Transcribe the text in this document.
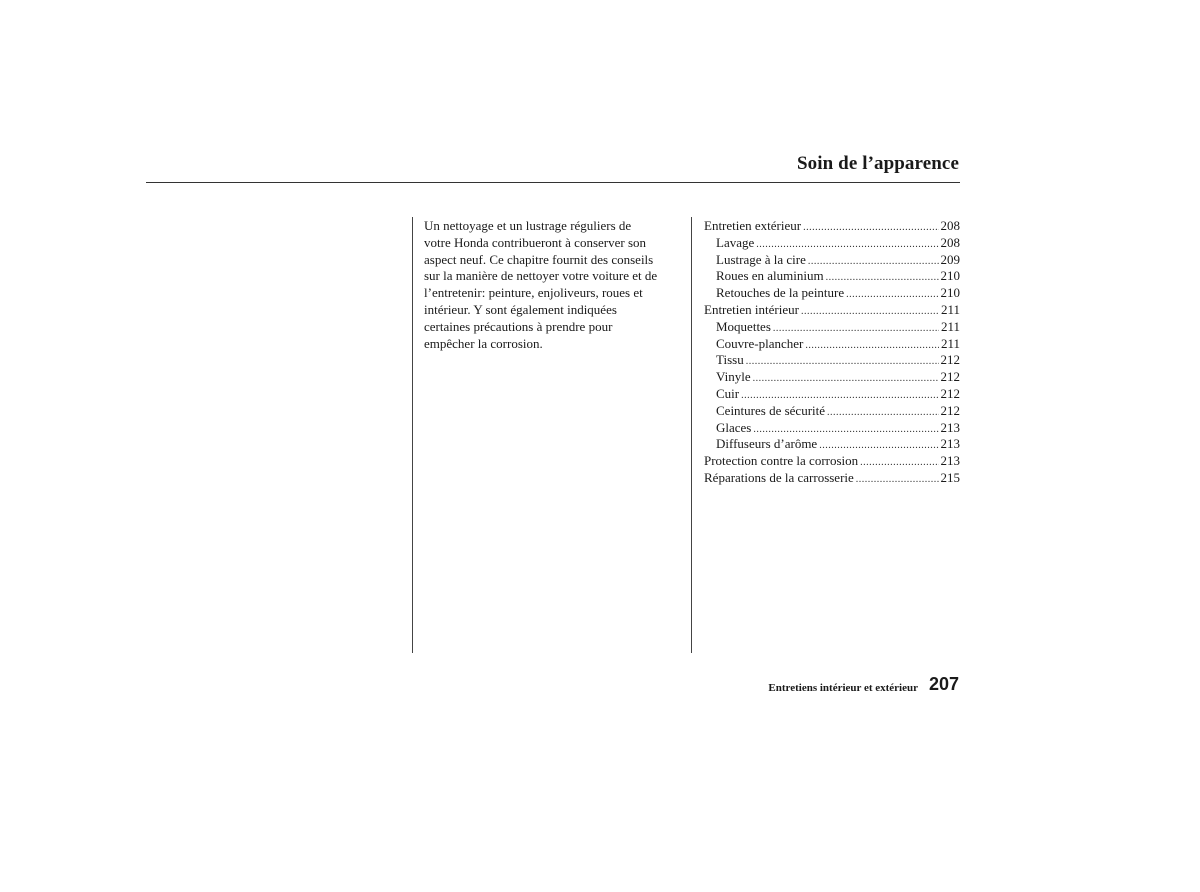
Soin de l’apparence

Un nettoyage et un lustrage réguliers de
votre Honda contribueront à conserver son
aspect neuf. Ce chapitre fournit des conseils
sur la manière de nettoyer votre voiture et de
l’entretenir: peinture, enjoliveurs, roues et
intérieur. Y sont également indiquées
certaines précautions à prendre pour
empêcher la corrosion.

Entretien extérieur .....	208
Lavage .....	208
Lustrage à la cire .....	209
Roues en aluminium .....	210
Retouches de la peinture .....	210
Entretien intérieur .....	211
Moquettes .....	211
Couvre-plancher .....	211
Tissu .....	212
Vinyle .....	212
Cuir .....	212
Ceintures de sécurité .....	212
Glaces .....	213
Diffuseurs d’arôme .....	213
Protection contre la corrosion .....	213
Réparations de la carrosserie .....	215
Entretiens intérieur et extérieur 207
